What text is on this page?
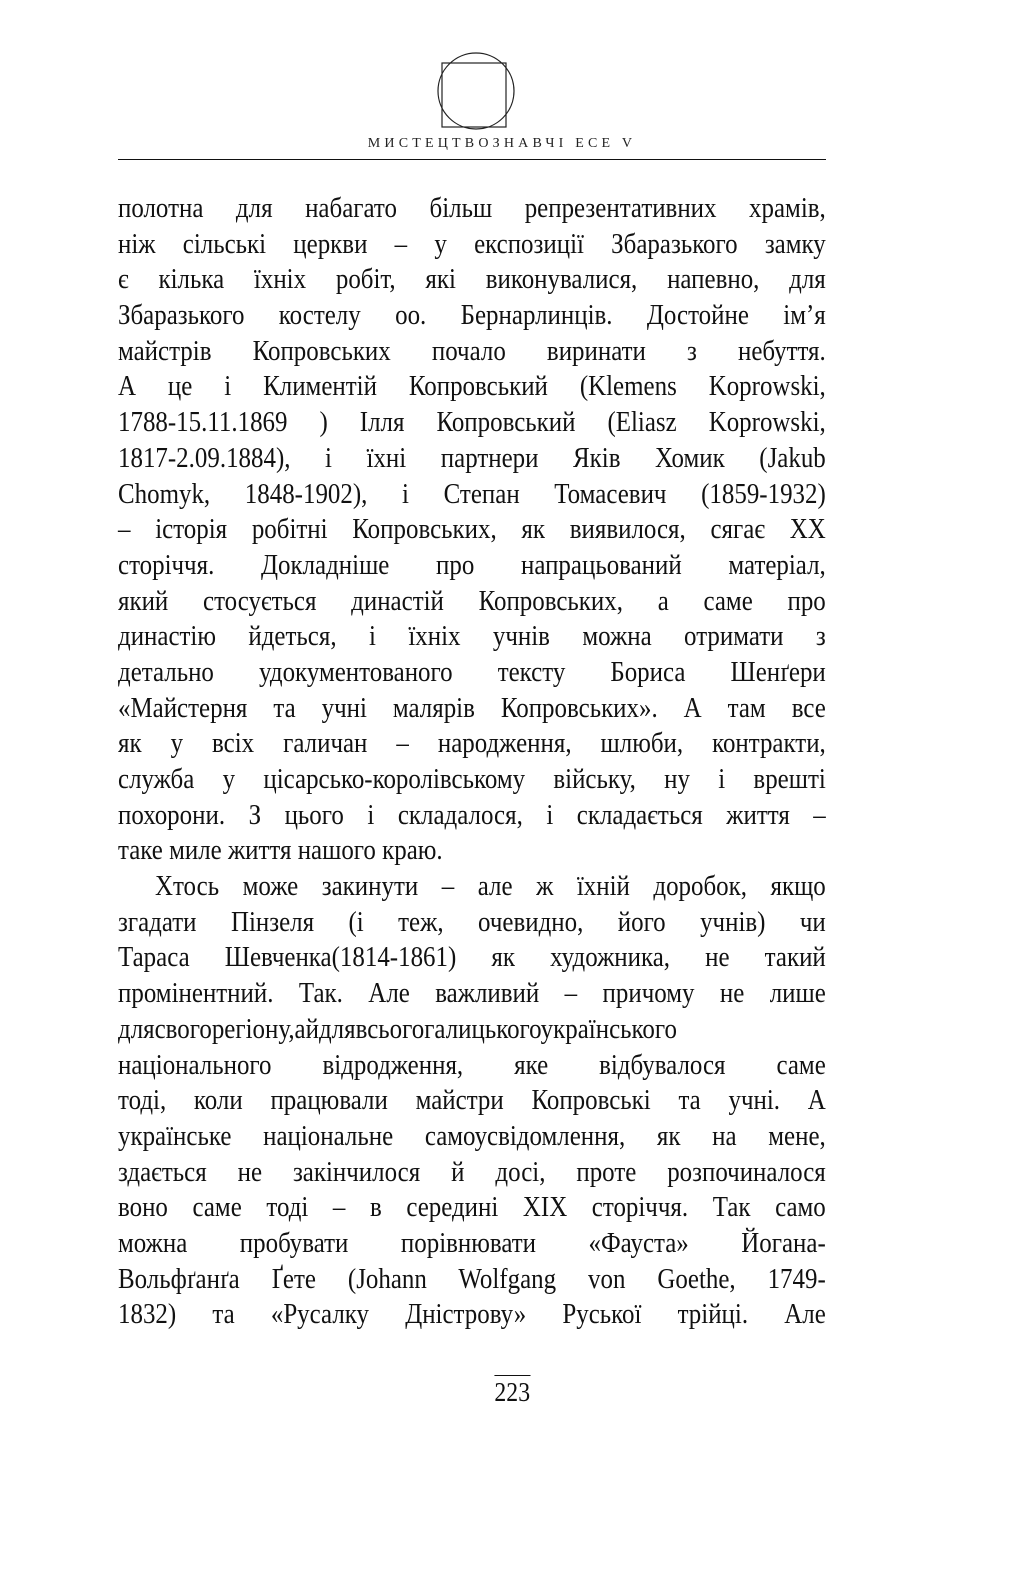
МИСТЕЦТВОЗНАВЧІ ЕСЕ V
полотна для набагато більш репрезентативних храмів,
ніж сільські церкви – у експозиції Збаразького замку
є кілька їхніх робіт, які виконувалися, напевно, для
Збаразького костелу оо. Бернарлинців. Достойне ім’я
майстрів Копровських почало виринати з небуття.
А це і Климентій Копровський (Klemens Koprowski,
1788-15.11.1869 ) Ілля Копровський (Eliasz Koprowski,
1817-2.09.1884), і їхні партнери Яків Хомик (Jakub
Chomyk, 1848-1902), і Степан Томасевич (1859-1932)
– історія робітні Копровських, як виявилося, сягає XX
сторіччя. Докладніше про напрацьований матеріал,
який стосується династій Копровських, а саме про
династію йдеться, і їхніх учнів можна отримати з
детально удокументованого тексту Бориса Шенґери
«Майстерня та учні малярів Копровських». А там все
як у всіх галичан – народження, шлюби, контракти,
служба у цісарсько-королівському війську, ну і врешті
похорони. З цього і складалося, і складається життя –
таке миле життя нашого краю.
Хтось може закинути – але ж їхній доробок, якщо
згадати Пінзеля (і теж, очевидно, його учнів) чи
Тараса Шевченка(1814-1861) як художника, не такий
промінентний. Так. Але важливий – причому не лише
длясвогорегіону,айдлявсьогогалицькогоукраїнського
національного відродження, яке відбувалося саме
тоді, коли працювали майстри Копровські та учні. А
українське національне самоусвідомлення, як на мене,
здається не закінчилося й досі, проте розпочиналося
воно саме тоді – в середині XIX сторіччя. Так само
можна пробувати порівнювати «Фауста» Йогана-
Вольфґанґа Ґете (Johann Wolfgang von Goethe, 1749-
1832) та «Русалку Дністрову» Руської трійці. Але
223
